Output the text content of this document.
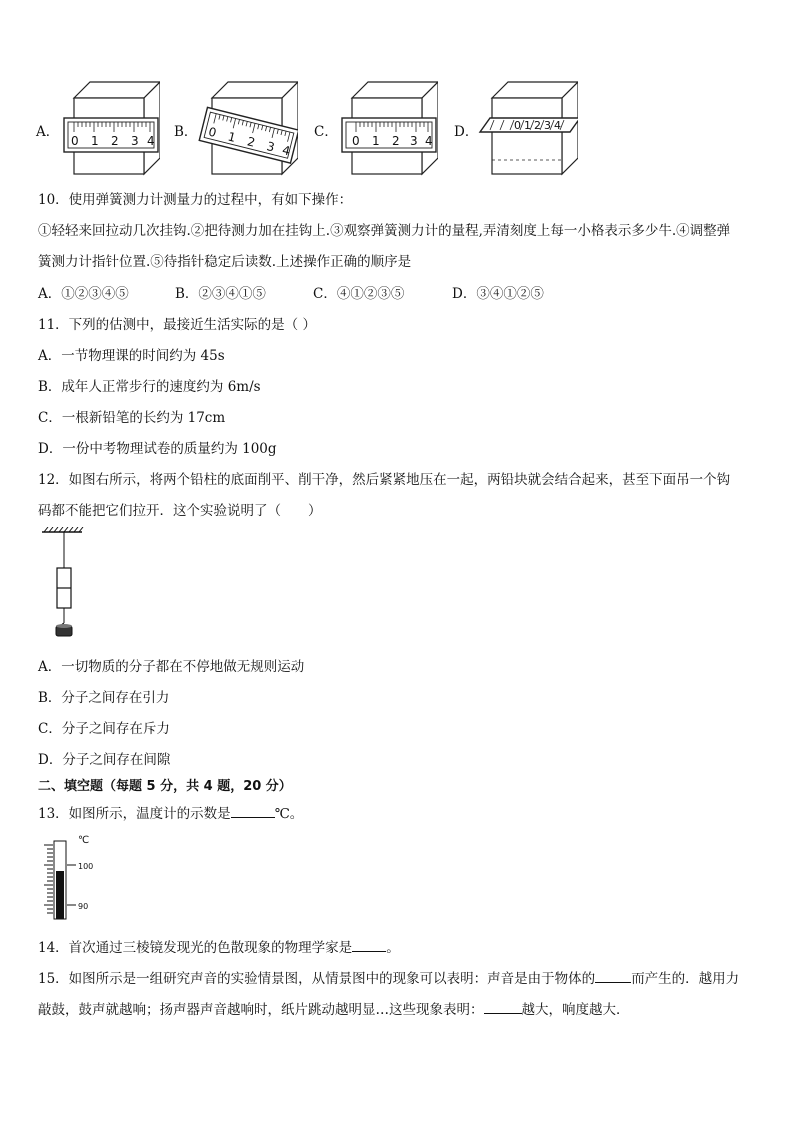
A．
0 1 2 3 4
B． 0 1 2 3 4
C．
0 1 2 3 4
D．	0 1 2 3 4
10．使用弹簧测力计测量力的过程中，有如下操作：
①轻轻来回拉动几次挂钩.②把待测力加在挂钩上.③观察弹簧测力计的量程,弄清刻度上每一小格表示多少牛.④调整弹
簧测力计指针位置.⑤待指针稳定后读数.上述操作正确的顺序是
A．①②③④⑤	B．②③④①⑤	C．④①②③⑤	D．③④①②⑤
11．下列的估测中，最接近生活实际的是（ ）
A．一节物理课的时间约为 45s
B．成年人正常步行的速度约为 6m/s
C．一根新铅笔的长约为 17cm
D．一份中考物理试卷的质量约为 100g
12．如图右所示，将两个铅柱的底面削平、削干净，然后紧紧地压在一起，两铅块就会结合起来，甚至下面吊一个钩
码都不能把它们拉开．这个实验说明了（　　）
A．一切物质的分子都在不停地做无规则运动
B．分子之间存在引力
C．分子之间存在斥力
D．分子之间存在间隙
二、填空题（每题 5 分，共 4 题，20 分）
13．如图所示，温度计的示数是	℃。
℃
100
90
14．首次通过三棱镜发现光的色散现象的物理学家是	。
15．如图所示是一组研究声音的实验情景图，从情景图中的现象可以表明：声音是由于物体的	而产生的．越用力
敲鼓，鼓声就越响；扬声器声音越响时，纸片跳动越明显…这些现象表明：	越大，响度越大．
